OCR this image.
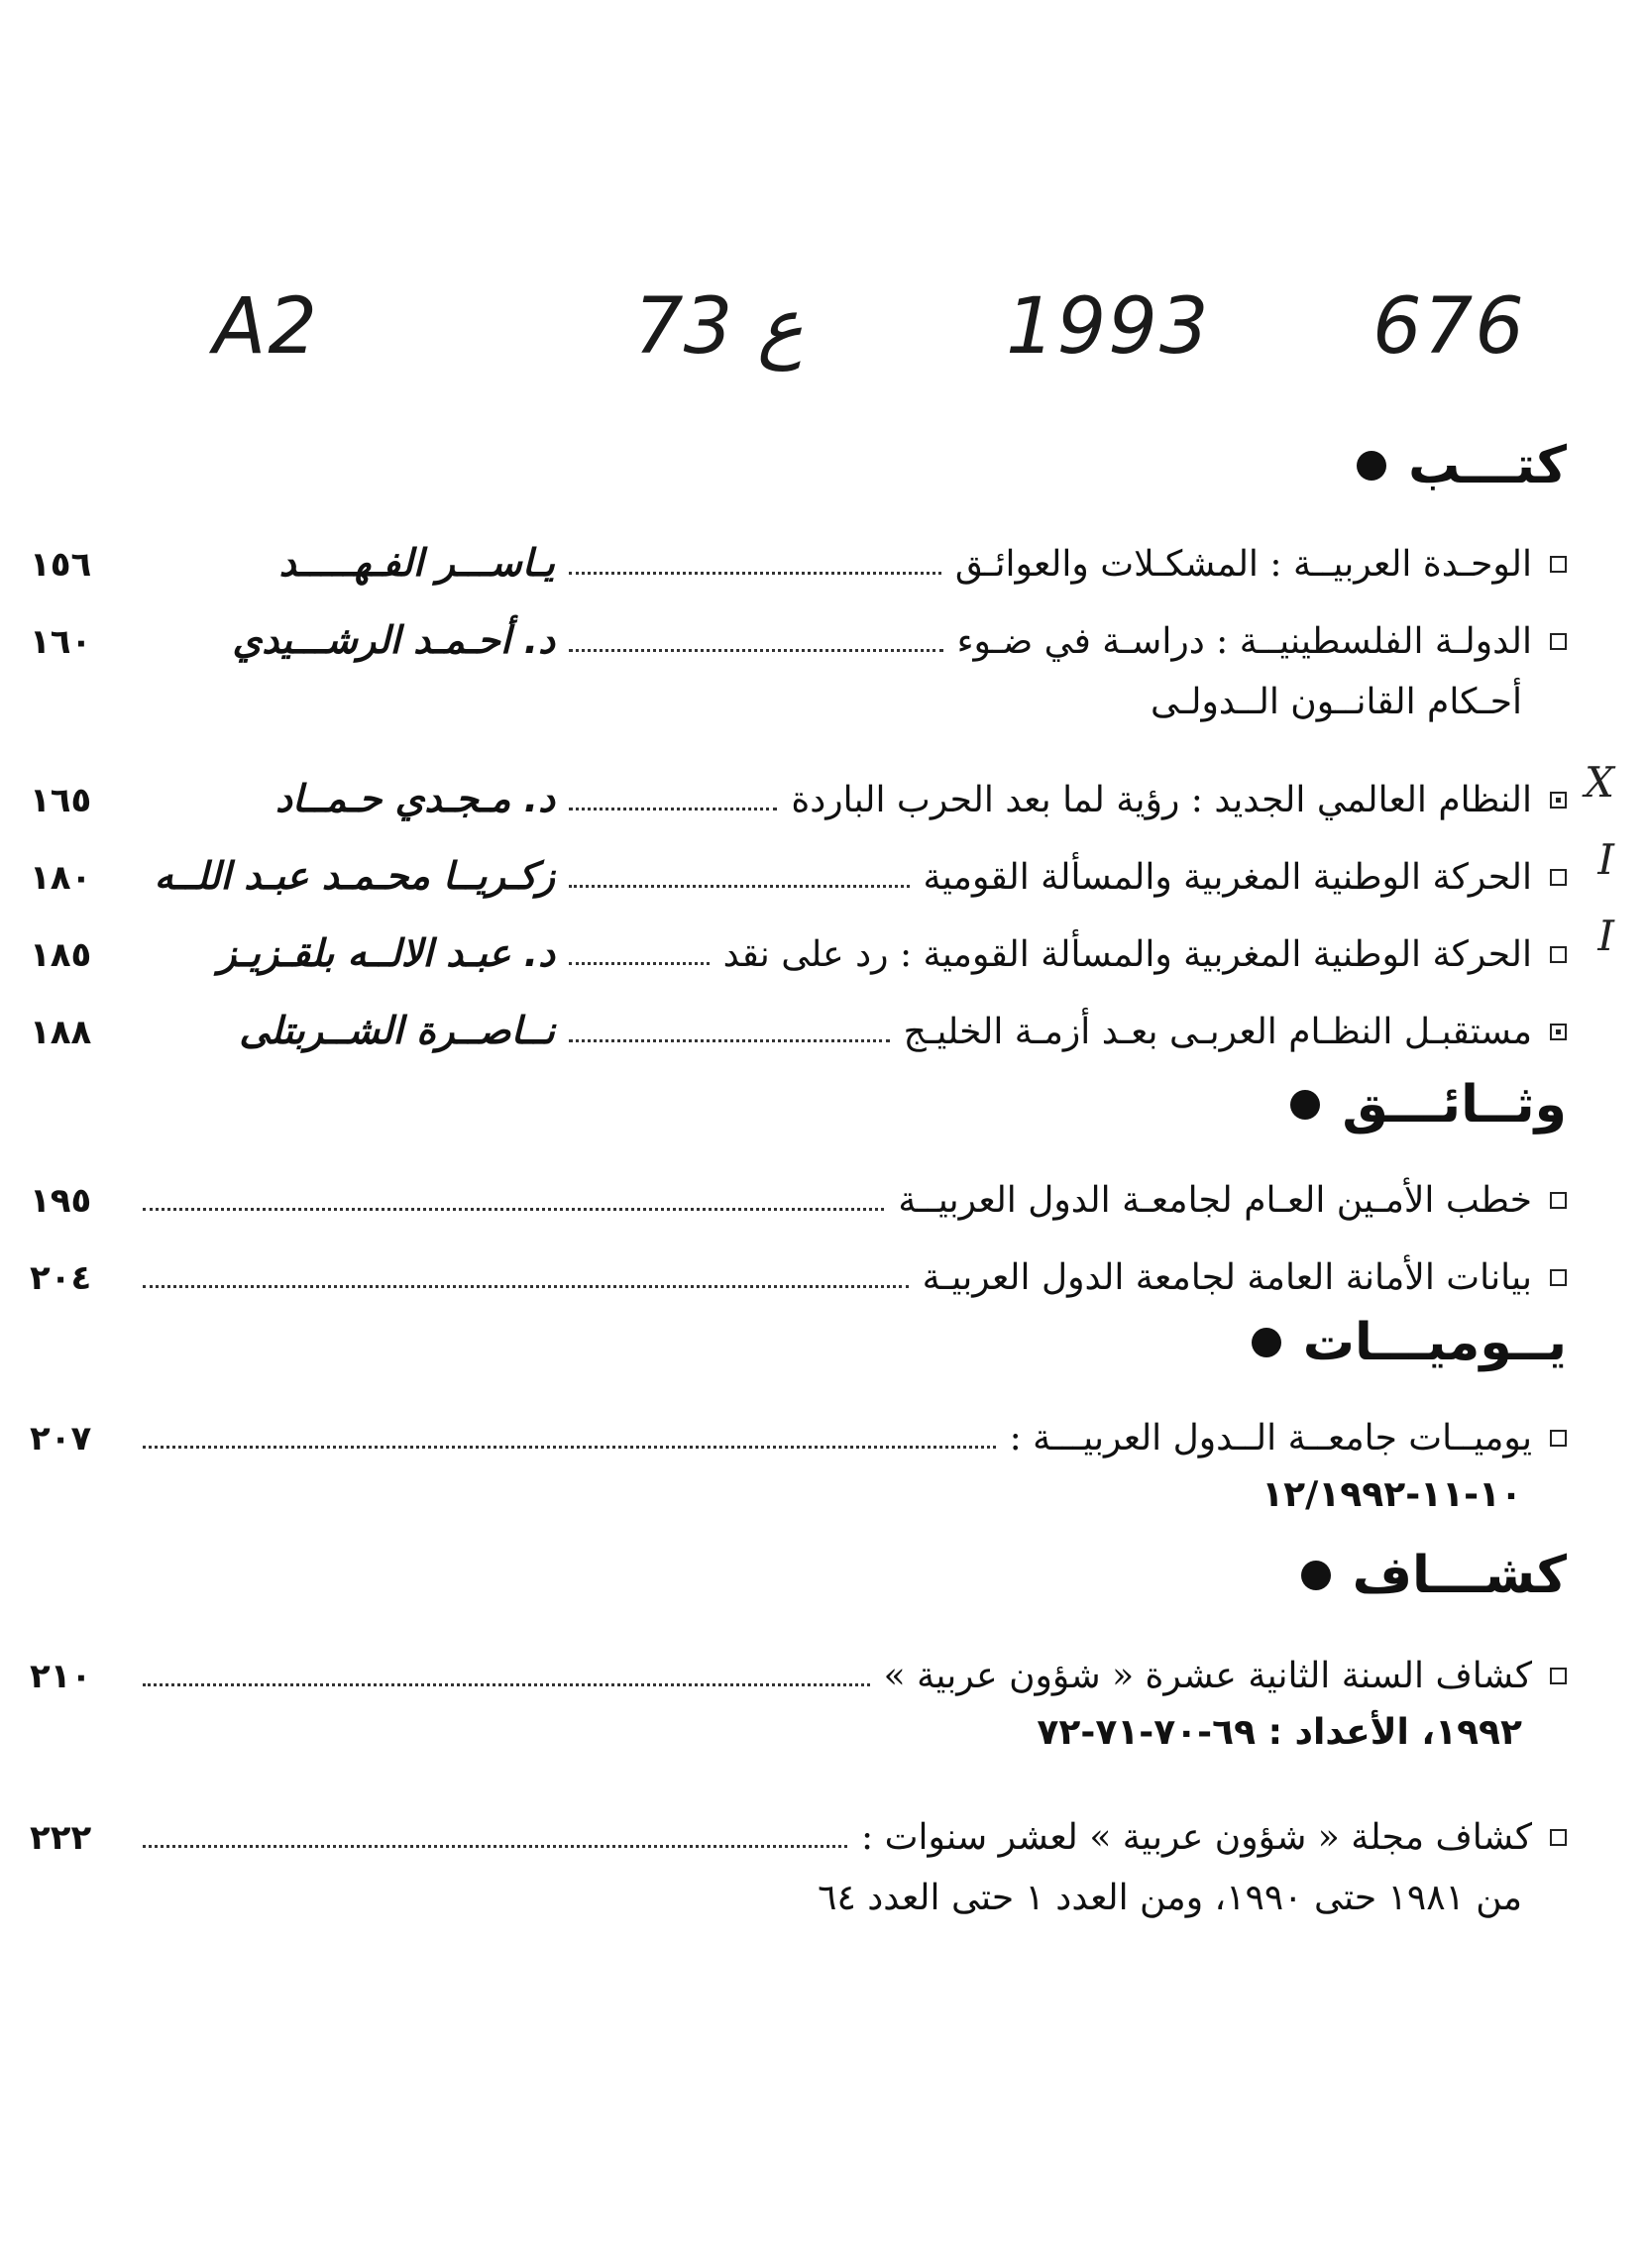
A2	73 ع	1993 676
كتـــب
١٥٦	يـاســـر الفـهـــــد	الوحـدة العربيــة : المشكـلات والعوائـق
١٦٠	د. أحـمـد الرشـــيدي	الدولـة الفلسطينيــة : دراسـة في ضـوء
أحـكام القانــون الــدولـى
X
١٦٥	د. مـجـدي حـمــاد	النظام العالمي الجديد : رؤية لما بعد الحرب الباردة
I
١٨٠	زكـريــا محـمـد عبـد اللــه	الحركة الوطنية المغربية والمسألة القومية
I
١٨٥	د. عبـد الالــه بلقـزيـز	الحركة الوطنية المغربية والمسألة القومية : رد على نقد
١٨٨	نــاصــرة الشــربتلى	مستقبـل النظـام العربـى بعـد أزمـة الخليـج
وثــائـــق
١٩٥	خطب الأمـين العـام لجامعـة الدول العربيــة
٢٠٤	بيانات الأمانة العامة لجامعة الدول العربيـة
يــوميـــات
٢٠٧	يوميــات جامعــة الــدول العربيـــة :
١٠-١١-١٢/١٩٩٢
كشـــاف
٢١٠	كشاف السنة الثانية عشرة « شؤون عربية »
١٩٩٢، الأعداد : ٦٩-٧٠-٧١-٧٢
٢٢٢	كشاف مجلة « شؤون عربية » لعشر سنوات :
من ١٩٨١ حتى ١٩٩٠، ومن العدد ١ حتى العدد ٦٤
